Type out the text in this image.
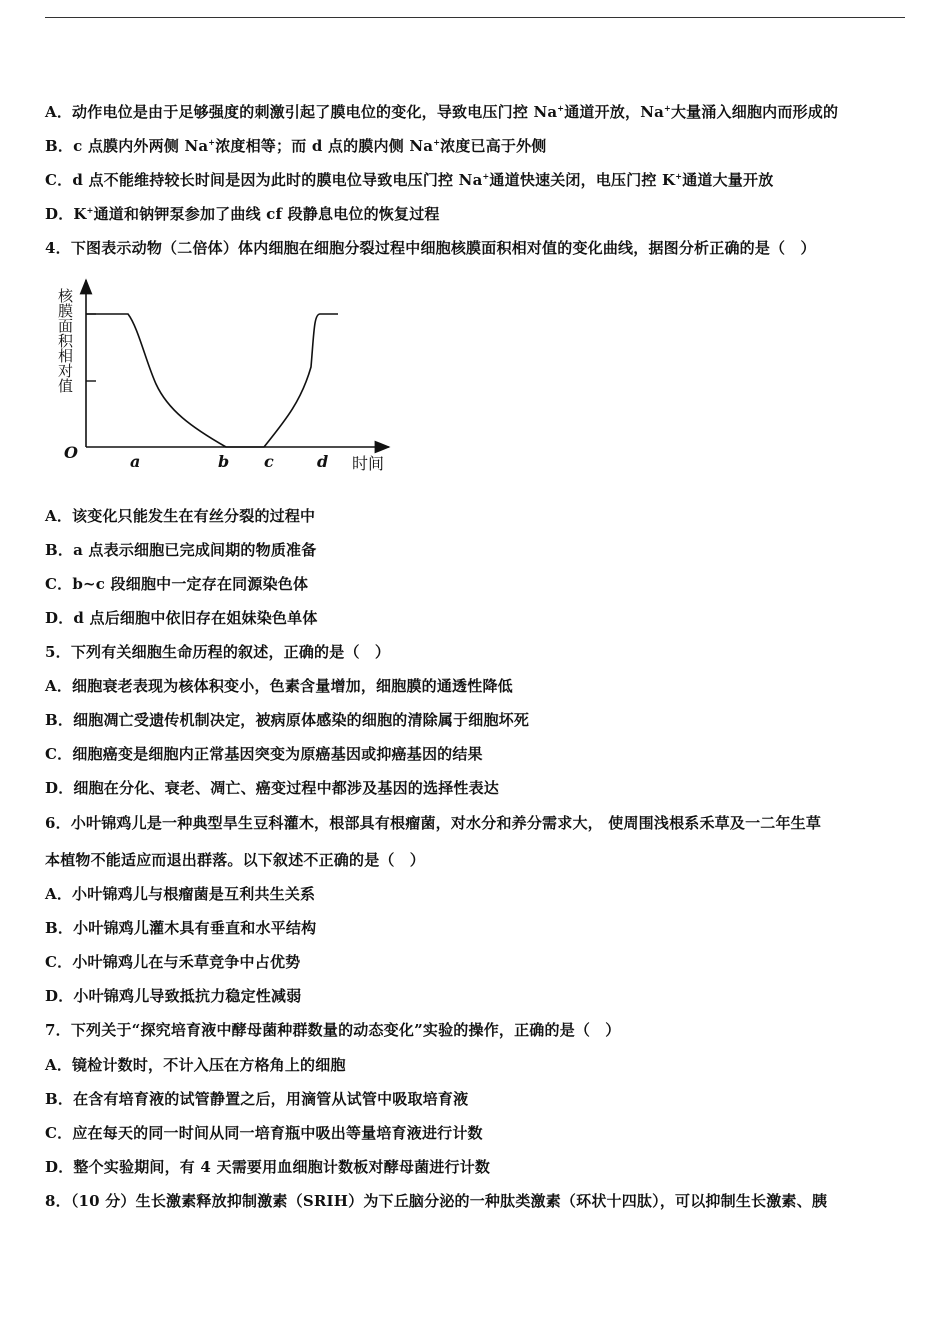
A．动作电位是由于足够强度的刺激引起了膜电位的变化，导致电压门控 Na+通道开放，Na+大量涌入细胞内而形成的
B．c 点膜内外两侧 Na+浓度相等；而 d 点的膜内侧 Na+浓度已高于外侧
C．d 点不能维持较长时间是因为此时的膜电位导致电压门控 Na+通道快速关闭，电压门控 K+通道大量开放
D．K+通道和钠钾泵参加了曲线 cf 段静息电位的恢复过程
4．下图表示动物（二倍体）体内细胞在细胞分裂过程中细胞核膜面积相对值的变化曲线，据图分析正确的是（　）
核膜面积相对值
O	a	b c	d 时间
A．该变化只能发生在有丝分裂的过程中
B．a 点表示细胞已完成间期的物质准备
C．b~c 段细胞中一定存在同源染色体
D．d 点后细胞中依旧存在姐妹染色单体
5．下列有关细胞生命历程的叙述，正确的是（　）
A．细胞衰老表现为核体积变小，色素含量增加，细胞膜的通透性降低
B．细胞凋亡受遗传机制决定，被病原体感染的细胞的清除属于细胞坏死
C．细胞癌变是细胞内正常基因突变为原癌基因或抑癌基因的结果
D．细胞在分化、衰老、凋亡、癌变过程中都涉及基因的选择性表达
6．小叶锦鸡儿是一种典型旱生豆科灌木，根部具有根瘤菌，对水分和养分需求大， 使周围浅根系禾草及一二年生草
本植物不能适应而退出群落。以下叙述不正确的是（　）
A．小叶锦鸡儿与根瘤菌是互利共生关系
B．小叶锦鸡儿灌木具有垂直和水平结构
C．小叶锦鸡儿在与禾草竞争中占优势
D．小叶锦鸡儿导致抵抗力稳定性减弱
7．下列关于“探究培育液中酵母菌种群数量的动态变化”实验的操作，正确的是（　）
A．镜检计数时，不计入压在方格角上的细胞
B．在含有培育液的试管静置之后，用滴管从试管中吸取培育液
C．应在每天的同一时间从同一培育瓶中吸出等量培育液进行计数
D．整个实验期间，有 4 天需要用血细胞计数板对酵母菌进行计数
8．（10 分）生长激素释放抑制激素（SRIH）为下丘脑分泌的一种肽类激素（环状十四肽），可以抑制生长激素、胰
